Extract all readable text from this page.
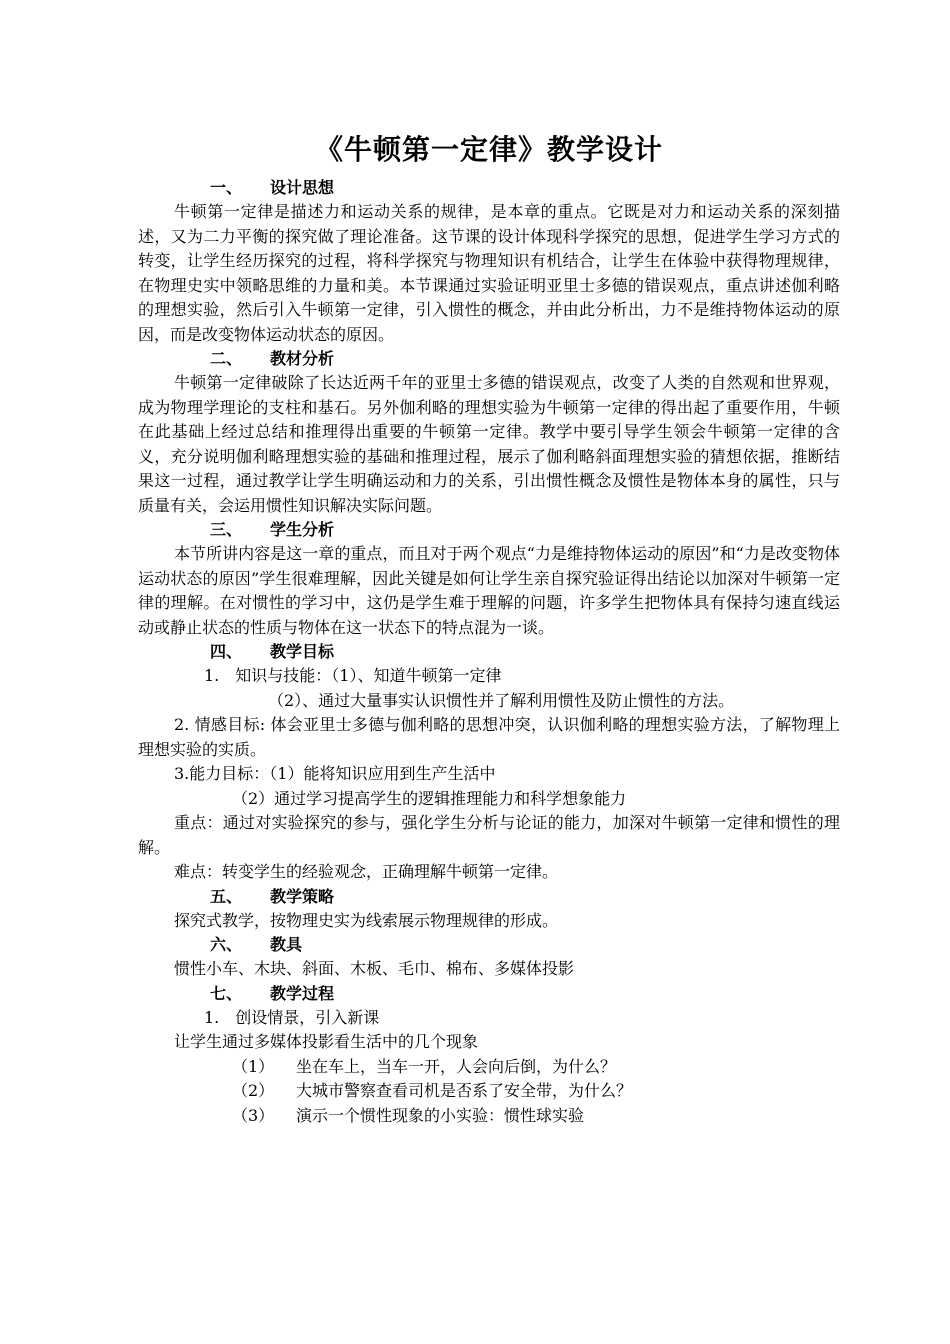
《牛顿第一定律》教学设计

一、 设计思想

牛顿第一定律是描述力和运动关系的规律，是本章的重点。它既是对力和运动关系的深刻描述，又为二力平衡的探究做了理论准备。这节课的设计体现科学探究的思想，促进学生学习方式的转变，让学生经历探究的过程，将科学探究与物理知识有机结合，让学生在体验中获得物理规律，在物理史实中领略思维的力量和美。本节课通过实验证明亚里士多德的错误观点，重点讲述伽利略的理想实验，然后引入牛顿第一定律，引入惯性的概念，并由此分析出，力不是维持物体运动的原因，而是改变物体运动状态的原因。

二、 教材分析

牛顿第一定律破除了长达近两千年的亚里士多德的错误观点，改变了人类的自然观和世界观，成为物理学理论的支柱和基石。另外伽利略的理想实验为牛顿第一定律的得出起了重要作用，牛顿在此基础上经过总结和推理得出重要的牛顿第一定律。教学中要引导学生领会牛顿第一定律的含义，充分说明伽利略理想实验的基础和推理过程，展示了伽利略斜面理想实验的猜想依据，推断结果这一过程，通过教学让学生明确运动和力的关系，引出惯性概念及惯性是物体本身的属性，只与质量有关，会运用惯性知识解决实际问题。

三、 学生分析

本节所讲内容是这一章的重点，而且对于两个观点“力是维持物体运动的原因”和“力是改变物体运动状态的原因”学生很难理解，因此关键是如何让学生亲自探究验证得出结论以加深对牛顿第一定律的理解。在对惯性的学习中，这仍是学生难于理解的问题，许多学生把物体具有保持匀速直线运动或静止状态的性质与物体在这一状态下的特点混为一谈。

四、 教学目标

1.　知识与技能：（1）、知道牛顿第一定律

（2）、通过大量事实认识惯性并了解利用惯性及防止惯性的方法。

2. 情感目标: 体会亚里士多德与伽利略的思想冲突，认识伽利略的理想实验方法，了解物理上理想实验的实质。

3.能力目标：（1）能将知识应用到生产生活中

（2）通过学习提高学生的逻辑推理能力和科学想象能力

重点：通过对实验探究的参与，强化学生分析与论证的能力，加深对牛顿第一定律和惯性的理解。

难点：转变学生的经验观念，正确理解牛顿第一定律。

五、 教学策略

探究式教学，按物理史实为线索展示物理规律的形成。

六、 教具

惯性小车、木块、斜面、木板、毛巾、棉布、多媒体投影

七、 教学过程

1.　创设情景，引入新课

让学生通过多媒体投影看生活中的几个现象

（1） 坐在车上，当车一开，人会向后倒，为什么？

（2） 大城市警察查看司机是否系了安全带，为什么？

（3） 演示一个惯性现象的小实验：惯性球实验
